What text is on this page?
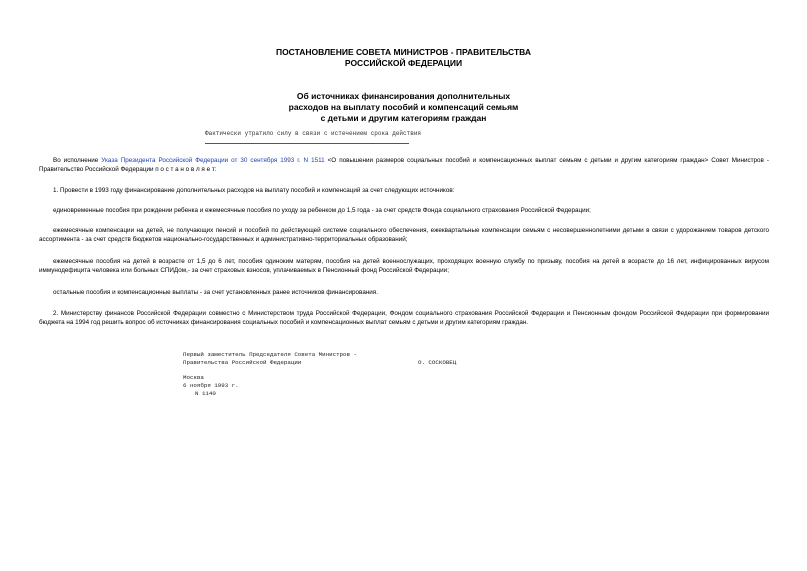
ПОСТАНОВЛЕНИЕ СОВЕТА МИНИСТРОВ - ПРАВИТЕЛЬСТВА
РОССИЙСКОЙ ФЕДЕРАЦИИ
Об источниках финансирования дополнительных
расходов на выплату пособий и компенсаций семьям
с детьми и другим категориям граждан
Фактически утратило силу в связи с истечением срока действия
Во исполнение Указа Президента Российской Федерации от 30 сентября 1993 г. N 1511 <О повышении размеров социальных пособий и компенсационных выплат семьям с детьми и другим категориям граждан> Совет Министров - Правительство Российской Федерации п о с т а н о в л я е т:
1. Провести в 1993 году финансирование дополнительных расходов на выплату пособий и компенсаций за счет следующих источников:
единовременные пособия при рождении ребенка и ежемесячные пособия по уходу за ребенком до 1,5 года - за счет средств Фонда социального страхования Российской Федерации;
ежемесячные компенсации на детей, не получающих пенсий и пособий по действующей системе социального обеспечения, ежеквартальные компенсации семьям с несовершеннолетними детьми в связи с удорожанием товаров детского ассортимента - за счет средств бюджетов национально-государственных и административно-территориальных образований;
ежемесячные пособия на детей в возрасте от 1,5 до 6 лет, пособия одиноким матерям, пособия на детей военнослужащих, проходящих военную службу по призыву, пособия на детей в возрасте до 16 лет, инфицированных вирусом иммунодефицита человека или больных СПИДом,- за счет страховых взносов, уплачиваемых в Пенсионный фонд Российской Федерации;
остальные пособия и компенсационные выплаты - за счет установленных ранее источников финансирования.
2. Министерству финансов Российской Федерации совместно с Министерством труда Российской Федерации, Фондом социального страхования Российской Федерации и Пенсионным фондом Российской Федерации при формировании бюджета на 1994 год решить вопрос об источниках финансирования социальных пособий и компенсационных выплат семьям с детьми и другим категориям граждан.
Первый заместитель Председателя Совета Министров -
Правительства Российской Федерации	О. СОСКОВЕЦ
Москва
6 ноября 1993 г.
N 1140
